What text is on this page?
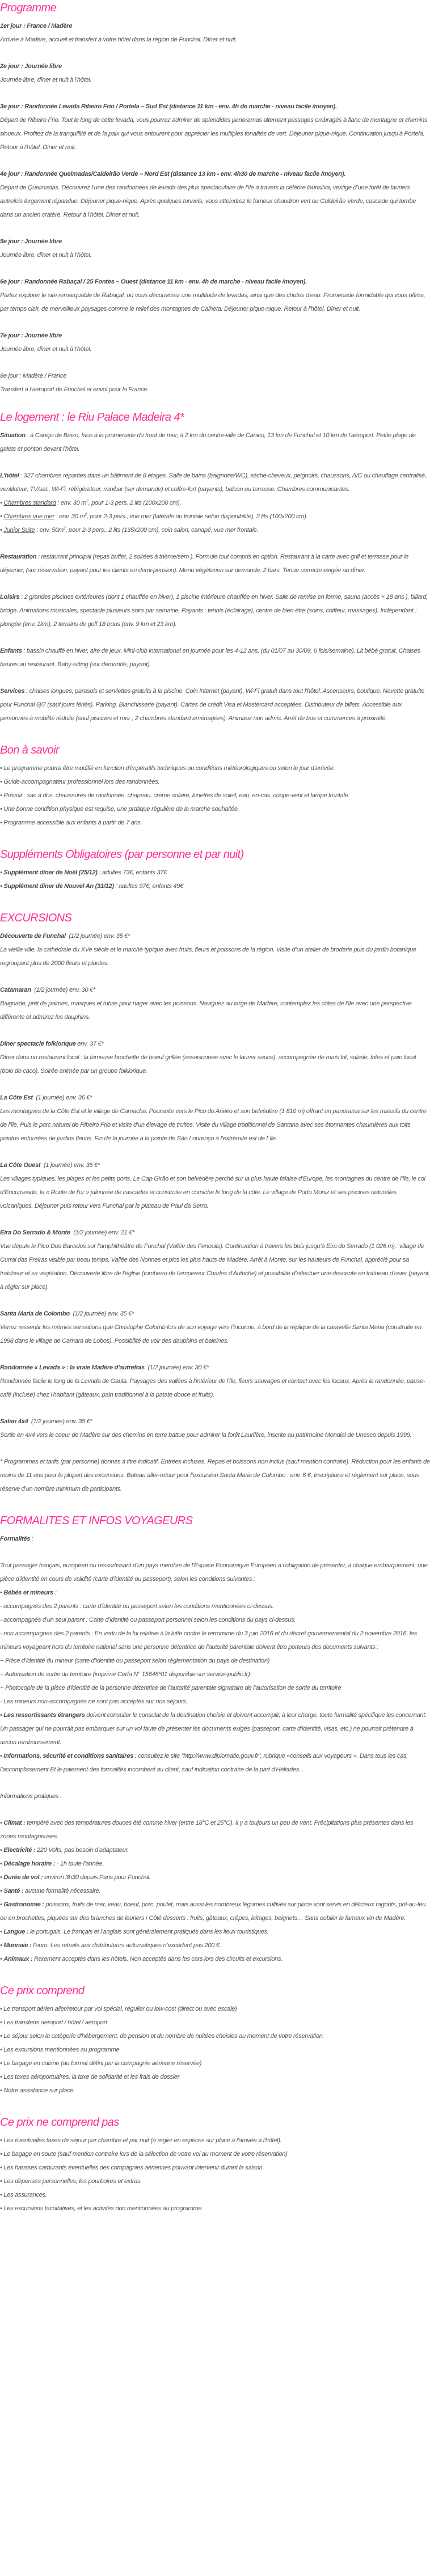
Programme

1er jour : France / Madère

Arrivée à Madère, accueil et transfert à votre hôtel dans la région de Funchal. Dîner et nuit.

2e jour : Journée libre

Journée libre, dîner et nuit à l’hôtel.

3e jour : Randonnée Levada Ribeiro Frio / Portela – Sud Est (distance 11 km - env. 4h de marche - niveau facile /moyen).

Départ de Ribeiro Frio. Tout le long de cette levada, vous pourrez admirer de splendides panoramas alternant passages ombragés à flanc de montagne et chemins sinueux. Profitez de la tranquillité et de la paix qui vous entourent pour apprécier les multiples tonalités de vert. Déjeuner pique-nique. Continuation jusqu’à Portela. Retour à l’hôtel. Dîner et nuit.

4e jour : Randonnée Queimadas/Caldeirão Verde – Nord Est (distance 13 km - env. 4h30 de marche - niveau facile /moyen).

Départ de Queimadas. Découvrez l’une des randonnées de levada des plus spectaculaire de l’île à travers la célèbre laurisilva, vestige d’une forêt de lauriers autrefois largement répandue. Déjeuner pique-nique. Après quelques tunnels, vous atteindrez le fameux chaudron vert ou Caldeirão Verde, cascade qui tombe dans un ancien cratère. Retour à l’hôtel. Dîner et nuit.

5e jour : Journée libre

Journée libre, dîner et nuit à l’hôtel.

6e jour : Randonnée Rabaçal / 25 Fontes – Ouest (distance 11 km - env. 4h de marche - niveau facile /moyen).

Partez explorer le site remarquable de Rabaçal, où vous découvrirez une multitude de levadas, ainsi que des chutes d’eau. Promenade formidable qui vous offrira, par temps clair, de merveilleux paysages comme le relief des montagnes de Calheta. Déjeuner pique-nique. Retour à l’hôtel. Dîner et nuit.

7e jour : Journée libre

Journée libre, dîner et nuit à l’hôtel.

8e jour : Madère / France

Transfert à l’aéroport de Funchal et envol pour la France.

Le logement : le Riu Palace Madeira 4*

Situation : à Caniço de Baixo, face à la promenade du front de mer, à 2 km du centre-ville de Canico, 13 km de Funchal et 10 km de l’aéroport. Petite plage de galets et ponton devant l'hôtel.

L’hôtel : 327 chambres réparties dans un bâtiment de 8 étages. Salle de bains (baignoire/WC), sèche-cheveux, peignoirs, chaussons, A/C ou chauffage centralisé, ventilateur, TV/sat., Wi-Fi, réfrigérateur, minibar (sur demande) et coffre-fort (payants), balcon ou terrasse. Chambres communicantes.

• Chambres standard : env. 30 $m^2$, pour 1-3 pers. 2 lits (100x200 cm).

• Chambres vue mer : env. 30 $m^2$, pour 2-3 pers., vue mer (latérale ou frontale selon disponibilité), 2 lits (100x200 cm).

• Junior Suite : env. $50m^2$, pour 2-3 pers., 2 lits (135x200 cm), coin salon, canapé, vue mer frontale.

Restauration : restaurant principal (repas buffet, 2 soirées à thème/sem.). Formule tout compris en option. Restaurant à la carte avec grill et terrasse pour le déjeuner, (sur réservation, payant pour les clients en demi-pension). Menu végétarien sur demande. 2 bars. Tenue correcte exigée au dîner.

Loisirs : 2 grandes piscines extérieures (dont 1 chauffée en hiver), 1 piscine intérieure chauffée en hiver. Salle de remise en forme, sauna (accès + 18 ans ), billard, bridge. Animations musicales, spectacle plusieurs soirs par semaine. Payants : tennis (éclairage), centre de bien-être (soins, coiffeur, massages). Indépendant : plongée (env. 1km), 2 terrains de golf 18 trous (env. 9 km et 23 km).

Enfants : bassin chauffé en hiver, aire de jeux. Mini-club international en journée pour les 4-12 ans, (du 01/07 au 30/09, 6 fois/semaine). Lit bébé gratuit. Chaises hautes au restaurant. Baby-sitting (sur demande, payant).

Services : chaises longues, parasols et serviettes gratuits à la piscine. Coin Internet (payant), Wi-Fi gratuit dans tout l’hôtel. Ascenseurs, boutique. Navette gratuite pour Funchal 6j/7 (sauf jours fériés). Parking. Blanchisserie (payant). Cartes de crédit Visa et Mastercard acceptées. Distributeur de billets. Accessible aux personnes à mobilité réduite (sauf piscines et mer ; 2 chambres standard aménagées). Animaux non admis. Arrêt de bus et commerces à proximité.

Bon à savoir

• Le programme pourra être modifié en fonction d’impératifs techniques ou conditions météorologiques ou selon le jour d’arrivée.

• Guide-accompagnateur professionnel lors des randonnées.

• Prévoir : sac à dos, chaussures de randonnée, chapeau, crème solaire, lunettes de soleil, eau, en-cas, coupe-vent et lampe frontale.

• Une bonne condition physique est requise, une pratique régulière de la marche souhaitée.

• Programme accessible aux enfants à partir de 7 ans.

Suppléments Obligatoires (par personne et par nuit)

• Supplément diner de Noël (25/12) : adultes 73€, enfants 37€

• Supplément diner de Nouvel An (31/12) : adultes 97€, enfants 49€

EXCURSIONS

Découverte de Funchal  (1/2 journée) env. 35 €*

La vieille ville, la cathédrale du XVe siècle et le marché typique avec fruits, fleurs et poissons de la région. Visite d’un atelier de broderie puis du jardin botanique regroupant plus de 2000 fleurs et plantes.

Catamaran  (1/2 journée) env. 30 €*

Baignade, prêt de palmes, masques et tubas pour nager avec les poissons. Naviguez au large de Madère, contemplez les côtes de l’île avec une perspective différente et admirez les dauphins.

Dîner spectacle folklorique env. 37 €*

Dîner dans un restaurant local : la fameuse brochette de boeuf grillée (assaisonnée avec le laurier sauce), accompagnée de maïs frit, salade, frites et pain local (bolo do caco). Soirée animée par un groupe folklorique.

La Côte Est  (1 journée) env. 36 €*

Les montagnes de la Côte Est et le village de Camacha. Poursuite vers le Pico do Arieiro et son belvédère (1 810 m) offrant un panorama sur les massifs du centre de l’île. Puis le parc naturel de Ribeiro Frio et visite d’un élevage de truites. Visite du village traditionnel de Santana avec ses étonnantes chaumières aux toits pointus entourées de jardins fleuris. Fin de la journée à la pointe de São Lourenço à l’extrémité est de l´île.

La Côte Ouest  (1 journée) env. 36 €*

Les villages typiques, les plages et les petits ports. Le Cap Girão et son belvédère perché sur la plus haute falaise d’Europe, les montagnes du centre de l’île, le col d’Encumeada, la « Route de l’or » jalonnée de cascades et construite en corniche le long de la côte. Le village de Porto Moniz et ses piscines naturelles volcaniques. Déjeuner puis retour vers Funchal par le plateau de Paul da Serra.

Eira Do Serrado & Monte  (1/2 journée) env. 21 €*

Vue depuis le Pico Dos Barcelos sur l’amphithéâtre de Funchal (Vallée des Fenouils). Continuation à travers les bois jusqu’à Eira do Serrado (1 026 m) : village de Curral das Freiras visible par beau temps, Vallée des Nonnes et pics les plus hauts de Madère. Arrêt à Monte, sur les hauteurs de Funchal, apprécié pour sa fraîcheur et sa végétation. Découverte libre de l’église (tombeau de l’empereur Charles d’Autriche) et possibilité d’effectuer une descente en traîneau d’osier (payant, à régler sur place).

Santa Maria de Colombo  (1/2 journée) env. 35 €*

Venez ressentir les mêmes sensations que Christophe Colomb lors de son voyage vers l’inconnu, à bord de la réplique de la caravelle Santa Maria (construite en 1998 dans le village de Camara de Lobos). Possibilité de voir des dauphins et baleines.

Randonnée « Levada » : la vraie Madère d’autrefois  (1/2 journée) env. 30 €*

Randonnée facile le long de la Levada de Gaula. Paysages des vallées à l’intérieur de l’île, fleurs sauvages et contact avec les locaux. Après la randonnée, pause-café (incluse) chez l’habitant (gâteaux, pain traditionnel à la patate douce et fruits).

Safari 4x4  (1/2 journée) env. 35 €*

Sortie en 4x4 vers le coeur de Madère sur des chemins en terre battue pour admirer la forêt Laurifère, inscrite au patrimoine Mondial de Unesco depuis 1999.

* Programmes et tarifs (par personne) donnés à titre indicatif. Entrées incluses. Repas et boissons non inclus (sauf mention contraire). Réduction pour les enfants de moins de 11 ans pour la plupart des excursions. Bateau aller-retour pour l’excursion Santa Maria de Colombo : env. 6 €. Inscriptions et règlement sur place, sous réserve d’un nombre minimum de participants.

FORMALITES ET INFOS VOYAGEURS

Formalités :

Tout passager français, européen ou ressortissant d’un pays membre de l’Espace Economique Européen a l’obligation de présenter, à chaque embarquement, une pièce d’identité en cours de validité (carte d’identité ou passeport), selon les conditions suivantes :

• Bébés et mineurs :

- accompagnés des 2 parents : carte d’identité ou passeport selon les conditions mentionnées ci-dessus.

- accompagnés d’un seul parent : Carte d’identité ou passeport personnel selon les conditions du pays ci-dessus.

- non accompagnés des 2 parents : En vertu de la loi relative à la lutte contre le terrorisme du 3 juin 2016 et du décret gouvernemental du 2 novembre 2016, les mineurs voyageant hors du territoire national sans une personne détentrice de l’autorité parentale doivent être porteurs des documents suivants :

+ Pièce d’identité du mineur (carte d’identité ou passeport selon règlementation du pays de destination)

+ Autorisation de sortie du territoire (imprimé Cerfa N° 15646*01 disponible sur service-public.fr)

+ Photocopie de la pièce d’identité de la personne détentrice de l’autorité parentale signataire de l’autorisation de sortie du territoire

- Les mineurs non-accompagnés ne sont pas acceptés sur nos séjours.

• Les ressortissants étrangers doivent consulter le consulat de la destination choisie et doivent accomplir, à leur charge, toute formalité spécifique les concernant. Un passager qui ne pourrait pas embarquer sur un vol faute de présenter les documents exigés (passeport, carte d’identité, visas, etc.) ne pourrait prétendre à aucun remboursement.

• Informations, sécurité et conditions sanitaires : consultez le site "http://www.diplomatie.gouv.fr", rubrique «conseils aux voyageurs ». Dans tous les cas, l’accomplissement Et le paiement des formalités incombent au client, sauf indication contraire de la part d’Héliades. .

Informations pratiques :

• Climat : tempéré avec des températures douces été comme hiver (entre 18°C et 25°C). Il y a toujours un peu de vent. Précipitations plus présentes dans les zones montagneuses.

• Electricité : 220 Volts, pas besoin d’adaptateur.

• Décalage horaire : - 1h toute l’année.

• Durée de vol : environ 3h30 depuis Paris pour Funchal.

• Santé : aucune formalité nécessaire.

• Gastronomie : poissons, fruits de mer, veau, boeuf, porc, poulet, mais aussi les nombreux légumes cultivés sur place sont servis en délicieux ragoûts, pot-au-feu ou en brochettes, piquées sur des branches de lauriers ! Côté desserts : fruits, gâteaux, crêpes, laitages, beignets… Sans oublier le fameux vin de Madère.

• Langue : le portugais. Le français et l’anglais sont généralement pratiqués dans les lieux touristiques.

• Monnaie : l’euro. Les retraits aux distributeurs automatiques n’excèdent pas 200 €.

• Animaux : Rarement acceptés dans les hôtels. Non acceptés dans les cars lors des circuits et excursions.

Ce prix comprend

• Le transport aérien aller/retour par vol spécial, régulier ou low-cost (direct ou avec escale)

• Les transferts aéroport / hôtel / aéroport

• Le séjour selon la catégorie d'hébergement, de pension et du nombre de nuitées choisies au moment de votre réservation.

• Les excursions mentionnées au programme

• Le bagage en cabine (au format défini par la compagnie aérienne réservée)

• Les taxes aéroportuaires, la taxe de solidarité et les frais de dossier

• Notre assistance sur place.

Ce prix ne comprend pas

• Les éventuelles taxes de séjour par chambre et par nuit (à régler en espèces sur place à l'arrivée à l'hôtel).

• Le bagage en soute (sauf mention contraire lors de la sélection de votre vol au moment de votre réservation)

• Les hausses carburants éventuelles des compagnies aériennes pouvant intervenir durant la saison.

• Les dépenses personnelles, les pourboires et extras.

• Les assurances.

• Les excursions facultatives, et les activités non mentionnées au programme
